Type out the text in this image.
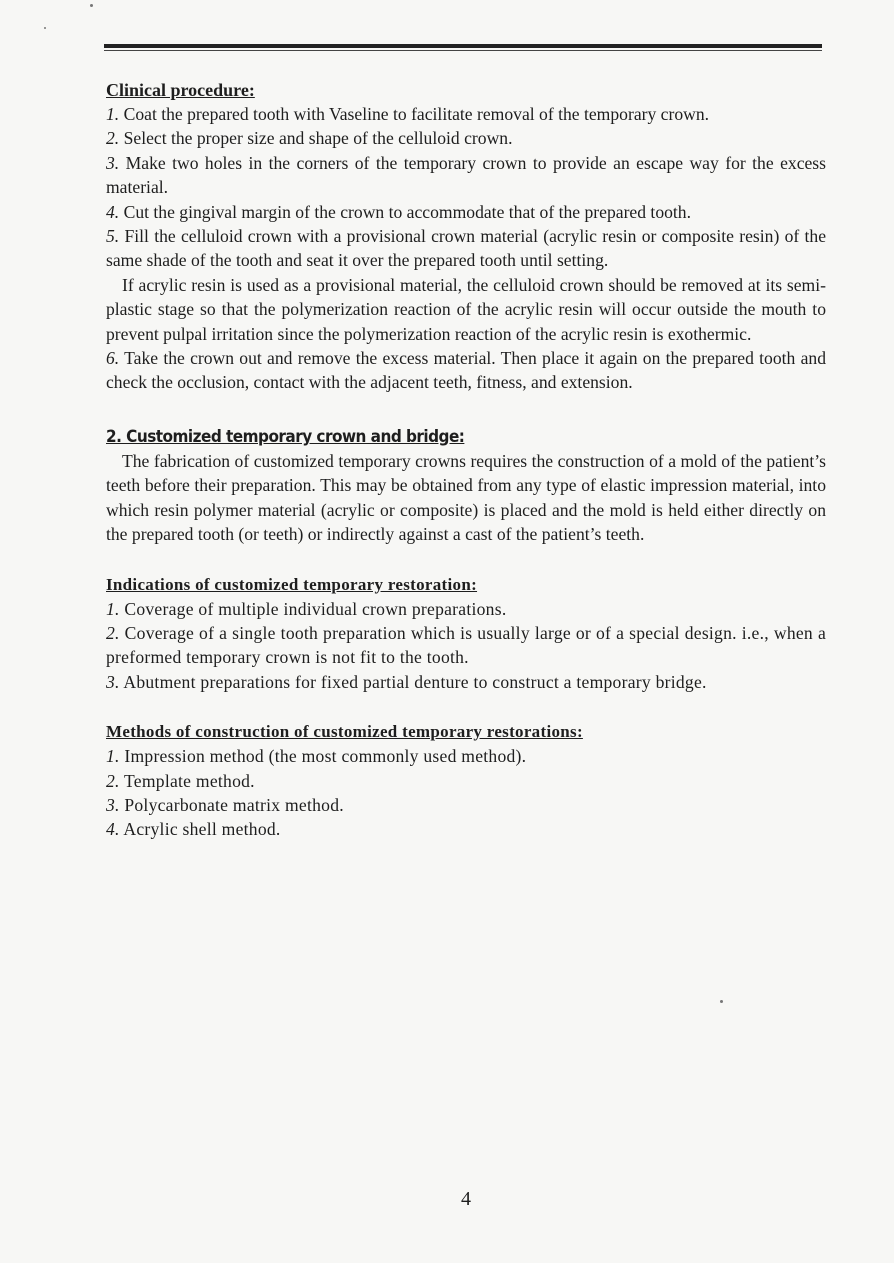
Clinical procedure:

1. Coat the prepared tooth with Vaseline to facilitate removal of the temporary crown.

2. Select the proper size and shape of the celluloid crown.

3. Make two holes in the corners of the temporary crown to provide an escape way for the excess material.

4. Cut the gingival margin of the crown to accommodate that of the prepared tooth.

5. Fill the celluloid crown with a provisional crown material (acrylic resin or composite resin) of the same shade of the tooth and seat it over the prepared tooth until setting.

If acrylic resin is used as a provisional material, the celluloid crown should be removed at its semi-plastic stage so that the polymerization reaction of the acrylic resin will occur outside the mouth to prevent pulpal irritation since the polymerization reaction of the acrylic resin is exothermic.

6. Take the crown out and remove the excess material. Then place it again on the prepared tooth and check the occlusion, contact with the adjacent teeth, fitness, and extension.

2. Customized temporary crown and bridge:

The fabrication of customized temporary crowns requires the construction of a mold of the patient’s teeth before their preparation. This may be obtained from any type of elastic impression material, into which resin polymer material (acrylic or composite) is placed and the mold is held either directly on the prepared tooth (or teeth) or indirectly against a cast of the patient’s teeth.

Indications of customized temporary restoration:

1. Coverage of multiple individual crown preparations.

2. Coverage of a single tooth preparation which is usually large or of a special design. i.e., when a preformed temporary crown is not fit to the tooth.

3. Abutment preparations for fixed partial denture to construct a temporary bridge.

Methods of construction of customized temporary restorations:

1. Impression method (the most commonly used method).

2. Template method.

3. Polycarbonate matrix method.

4. Acrylic shell method.

4
